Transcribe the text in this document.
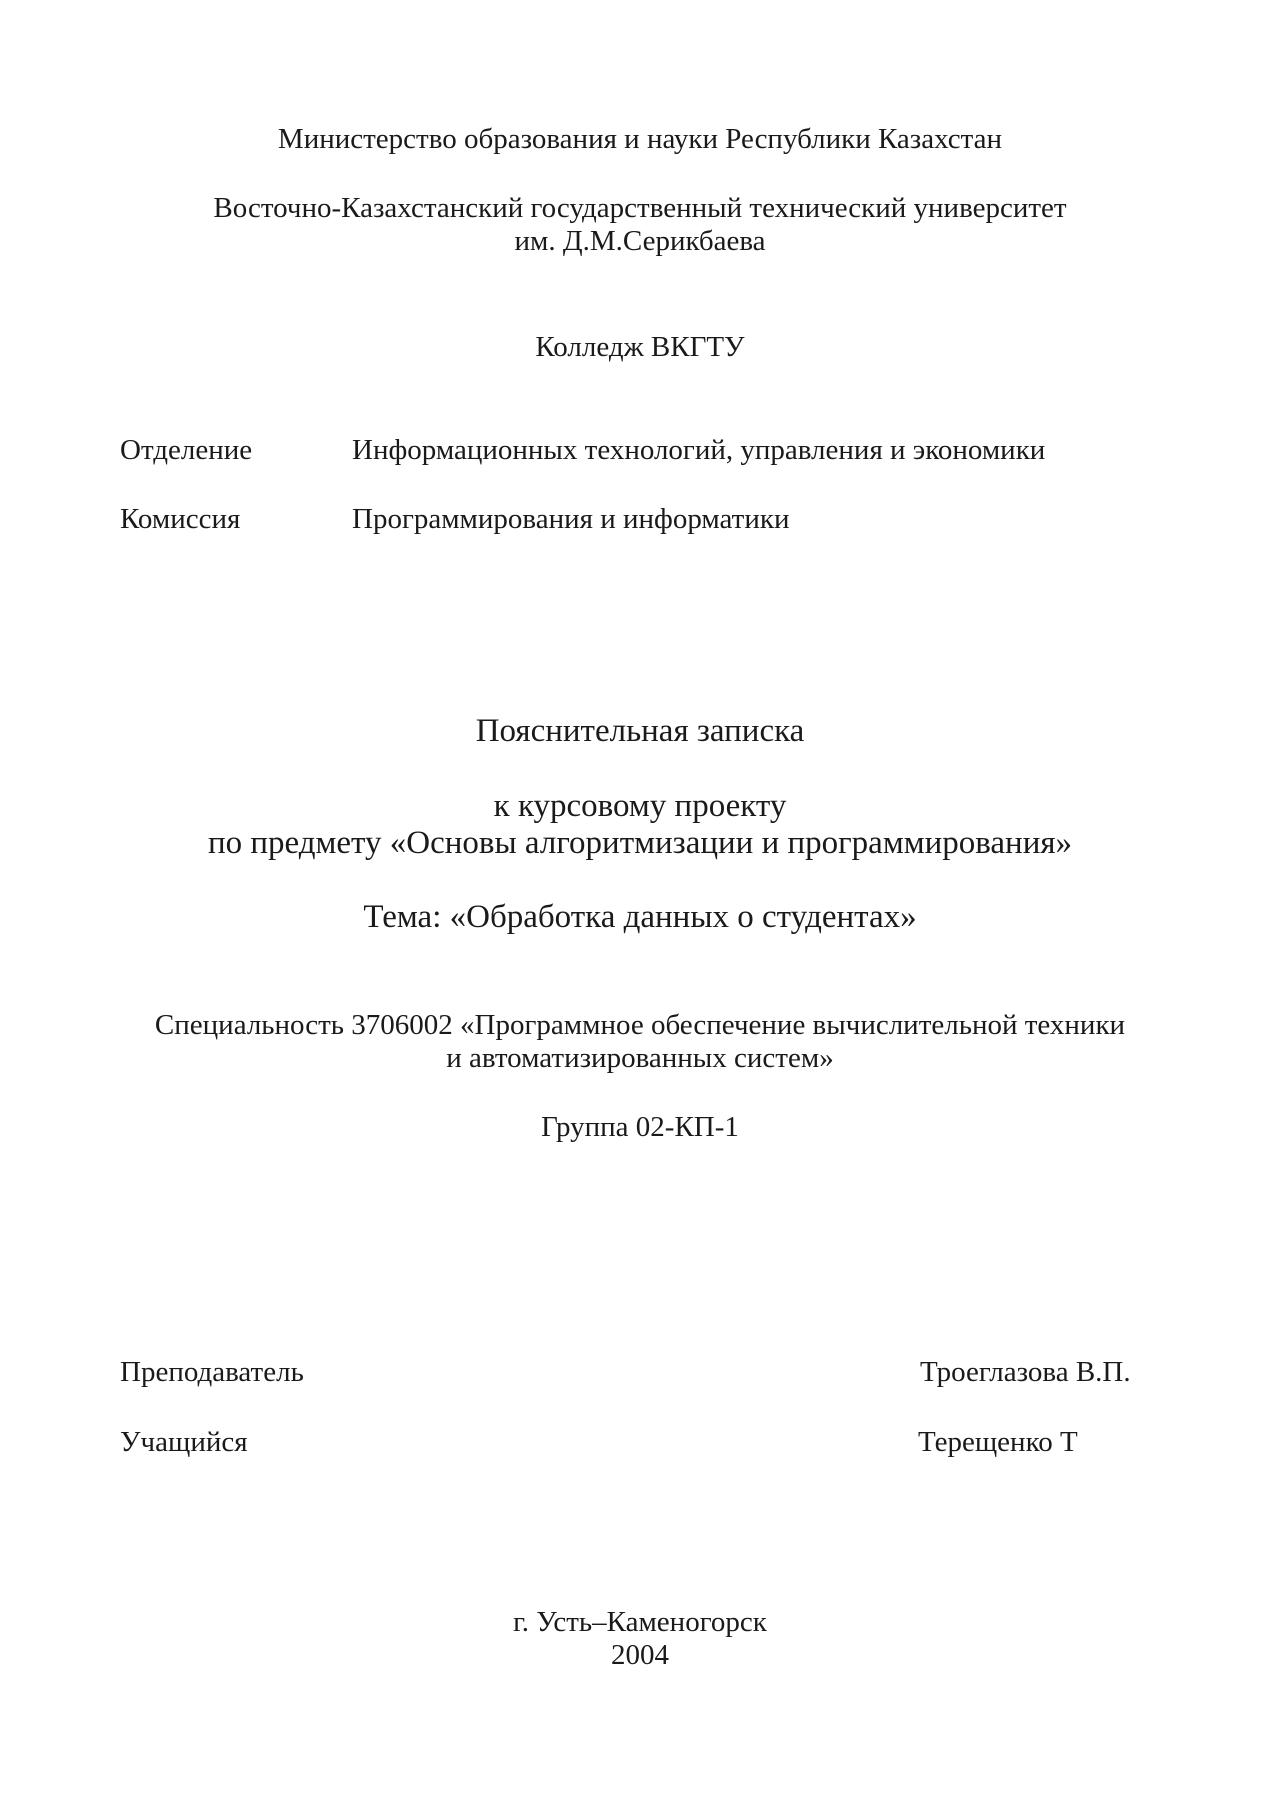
Министерство образования и науки Республики Казахстан
Восточно-Казахстанский государственный технический университет
им. Д.М.Серикбаева
Колледж ВКГТУ
Отделение	Информационных технологий, управления и экономики
Комиссия	Программирования и информатики
Пояснительная записка
к курсовому проекту
по предмету «Основы алгоритмизации и программирования»
Тема: «Обработка данных о студентах»
Специальность 3706002 «Программное обеспечение вычислительной техники
и автоматизированных систем»
Группа 02-КП-1
Преподаватель	Троеглазова В.П.
Учащийся	Терещенко Т
г. Усть–Каменогорск
2004
